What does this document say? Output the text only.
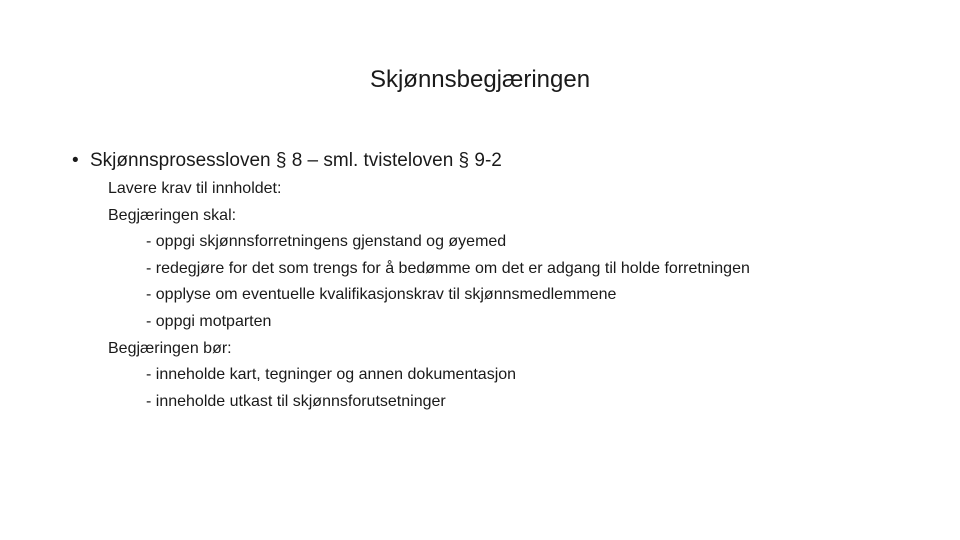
Skjønnsbegjæringen
• Skjønnsprosessloven § 8 – sml. tvisteloven § 9-2
Lavere krav til innholdet:
Begjæringen skal:
- oppgi skjønnsforretningens gjenstand og øyemed
- redegjøre for det som trengs for å bedømme om det er adgang til holde forretningen
- opplyse om eventuelle kvalifikasjonskrav til skjønnsmedlemmene
- oppgi motparten
Begjæringen bør:
- inneholde kart, tegninger og annen dokumentasjon
- inneholde utkast til skjønnsforutsetninger
